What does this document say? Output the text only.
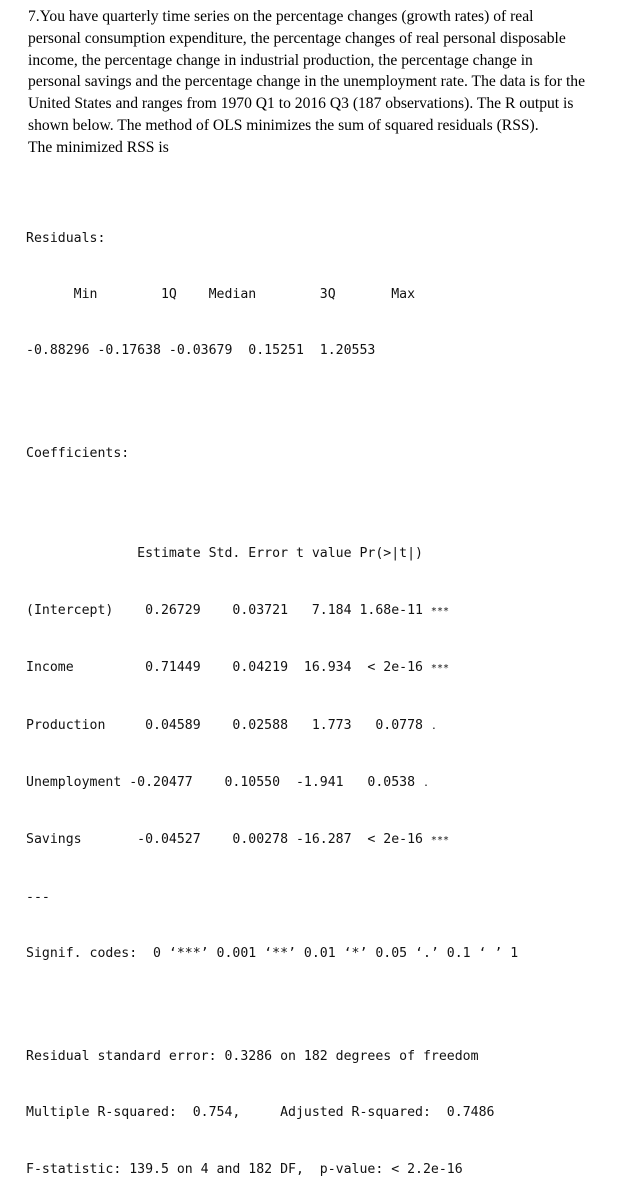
7.You have quarterly time series on the percentage changes (growth rates) of real
personal consumption expenditure, the percentage changes of real personal disposable
income, the percentage change in industrial production, the percentage change in
personal savings and the percentage change in the unemployment rate. The data is for the
United States and ranges from 1970 Q1 to 2016 Q3 (187 observations). The R output is
shown below. The method of OLS minimizes the sum of squared residuals (RSS).
The minimized RSS is

Residuals:

Min        1Q    Median        3Q       Max

-0.88296 -0.17638 -0.03679  0.15251  1.20553

Coefficients:

Estimate Std. Error t value Pr(>|t|)

(Intercept)    0.26729    0.03721   7.184 1.68e-11 ***

Income         0.71449    0.04219  16.934  < 2e-16 ***

Production     0.04589    0.02588   1.773   0.0778 .

Unemployment -0.20477    0.10550  -1.941   0.0538 .

Savings       -0.04527    0.00278 -16.287  < 2e-16 ***

---

Signif. codes:  0 ‘***’ 0.001 ‘**’ 0.01 ‘*’ 0.05 ‘.’ 0.1 ‘ ’ 1

Residual standard error: 0.3286 on 182 degrees of freedom

Multiple R-squared:  0.754,	Adjusted R-squared:  0.7486

F-statistic: 139.5 on 4 and 182 DF,  p-value: < 2.2e-16
